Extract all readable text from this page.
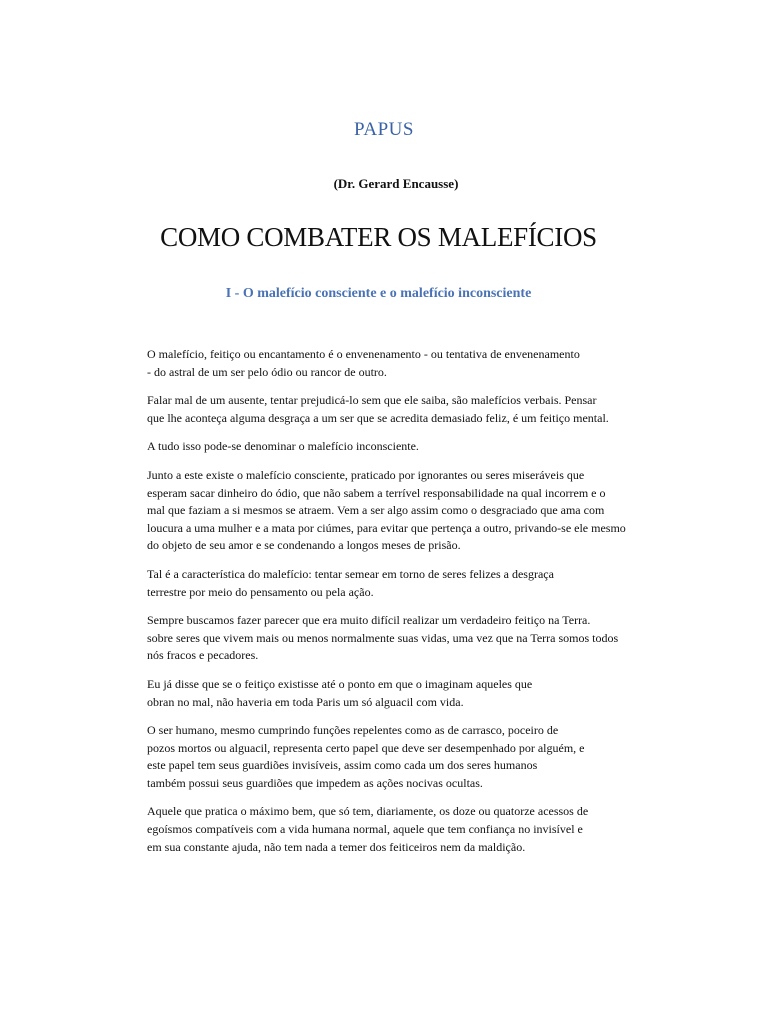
PAPUS
(Dr. Gerard Encausse)
COMO COMBATER OS MALEFÍCIOS
I - O malefício consciente e o malefício inconsciente

O malefício, feitiço ou encantamento é o envenenamento - ou tentativa de envenenamento
- do astral de um ser pelo ódio ou rancor de outro.

Falar mal de um ausente, tentar prejudicá-lo sem que ele saiba, são malefícios verbais. Pensar
que lhe aconteça alguma desgraça a um ser que se acredita demasiado feliz, é um feitiço mental.

A tudo isso pode-se denominar o malefício inconsciente.

Junto a este existe o malefício consciente, praticado por ignorantes ou seres miseráveis que
esperam sacar dinheiro do ódio, que não sabem a terrível responsabilidade na qual incorrem e o
mal que faziam a si mesmos se atraem. Vem a ser algo assim como o desgraciado que ama com
loucura a uma mulher e a mata por ciúmes, para evitar que pertença a outro, privando-se ele mesmo
do objeto de seu amor e se condenando a longos meses de prisão.

Tal é a característica do malefício: tentar semear em torno de seres felizes a desgraça
terrestre por meio do pensamento ou pela ação.

Sempre buscamos fazer parecer que era muito difícil realizar um verdadeiro feitiço na Terra.
sobre seres que vivem mais ou menos normalmente suas vidas, uma vez que na Terra somos todos
nós fracos e pecadores.

Eu já disse que se o feitiço existisse até o ponto em que o imaginam aqueles que
obran no mal, não haveria em toda Paris um só alguacil com vida.

O ser humano, mesmo cumprindo funções repelentes como as de carrasco, poceiro de
pozos mortos ou alguacil, representa certo papel que deve ser desempenhado por alguém, e
este papel tem seus guardiões invisíveis, assim como cada um dos seres humanos
também possui seus guardiões que impedem as ações nocivas ocultas.

Aquele que pratica o máximo bem, que só tem, diariamente, os doze ou quatorze acessos de
egoísmos compatíveis com a vida humana normal, aquele que tem confiança no invisível e
em sua constante ajuda, não tem nada a temer dos feiticeiros nem da maldição.
